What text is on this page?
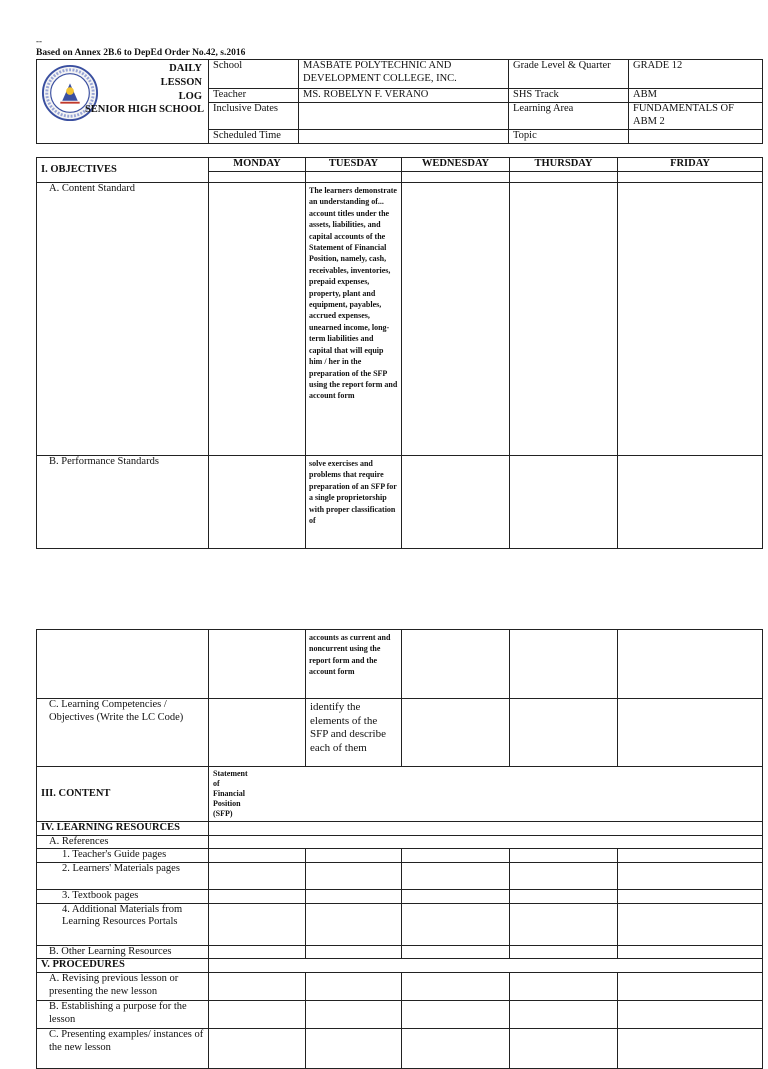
--
Based on Annex 2B.6 to DepEd Order No.42, s.2016
DAILY
LESSON
LOG
SENIOR HIGH SCHOOL	School	MASBATE POLYTECHNIC AND DEVELOPMENT COLLEGE, INC.	Grade Level & Quarter	GRADE 12
	Teacher	MS. ROBELYN F. VERANO	SHS Track	ABM
	Inclusive Dates		Learning Area	FUNDAMENTALS OF ABM 2
	Scheduled Time		Topic	
I. OBJECTIVES	MONDAY	TUESDAY	WEDNESDAY	THURSDAY	FRIDAY

A. Content Standard		The learners demonstrate an understanding of... account titles under the assets, liabilities, and capital accounts of the Statement of Financial Position, namely, cash, receivables, inventories, prepaid expenses, property, plant and equipment, payables, accrued expenses, unearned income, long-term liabilities and capital that will equip him / her in the preparation of the SFP using the report form and account form			
B. Performance Standards		solve exercises and problems that require preparation of an SFP for a single proprietorship with proper classification of			
		accounts as current and noncurrent using the report form and the account form			
C. Learning Competencies / Objectives (Write the LC Code)		identify the elements of the SFP and describe each of them			
III. CONTENT	Statement of Financial Position (SFP)				
IV. LEARNING RESOURCES					
A. References					
1. Teacher's Guide pages					
2. Learners' Materials pages					
3. Textbook pages					
4. Additional Materials from Learning Resources Portals					
B. Other Learning Resources					
V. PROCEDURES					
A. Revising previous lesson or presenting the new lesson					
B. Establishing a purpose for the lesson					
C. Presenting examples/ instances of the new lesson					
